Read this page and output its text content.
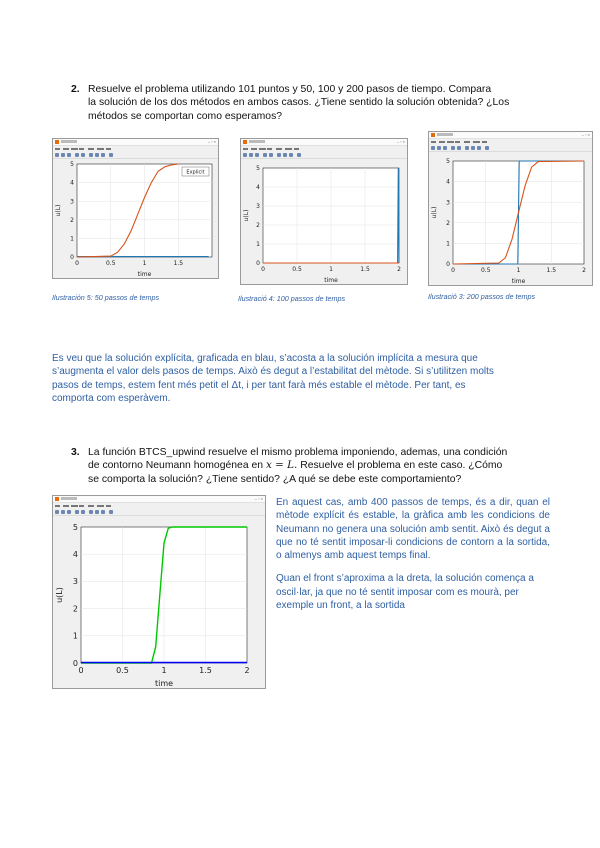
2. Resuelve el problema utilizando 101 puntos y 50, 100 y 200 pasos de tiempo. Compara
la solución de los dos métodos en ambos casos. ¿Tiene sentido la solución obtenida? ¿Los
métodos se comportan como esperamos?
– ▫ ×
5
4
3
2
1
0
0	0.5	1	1.5
time
u(L)
Explicit
– ▫ ×
5
4
3
2
1
0
0	0.5	1	1.5	2
time
u(L)
– ▫ ×
5
4
3
2
1
0
0	0.5	1	1.5	2
time
u(L)
Ilustración 5: 50 passos de temps	Ilustració 4: 100 passos de temps	Ilustració 3: 200 passos de temps
Es veu que la solución explícita, graficada en blau, s’acosta a la solución implícita a mesura que
s’augmenta el valor dels pasos de temps. Això és degut a l’estabilitat del mètode. Si s’utilitzen molts
pasos de temps, estem fent més petit el Δt, i per tant farà més estable el mètode. Per tant, es
comporta com esperàvem.
3. La función BTCS_upwind resuelve el mismo problema imponiendo, ademas, una condición
de contorno Neumann homogénea en x = L. Resuelve el problema en este caso. ¿Cómo
se comporta la solución? ¿Tiene sentido? ¿A qué se debe este comportamiento?
– ▫ ×
5
4
3
2
1
0
0	0.5	1	1.5	2
time
u(L)

En aquest cas, amb 400 passos de temps, és a dir, quan el mètode explícit és estable, la gràfica amb les condicions de Neumann no genera una solución amb sentit. Això és degut a que no té sentit imposar-li condicions de contorn a la sortida, o almenys amb aquest temps final.

Quan el front s’aproxima a la dreta, la solución comença a oscil·lar, ja que no té sentit imposar com es mourà, per exemple un front, a la sortida
